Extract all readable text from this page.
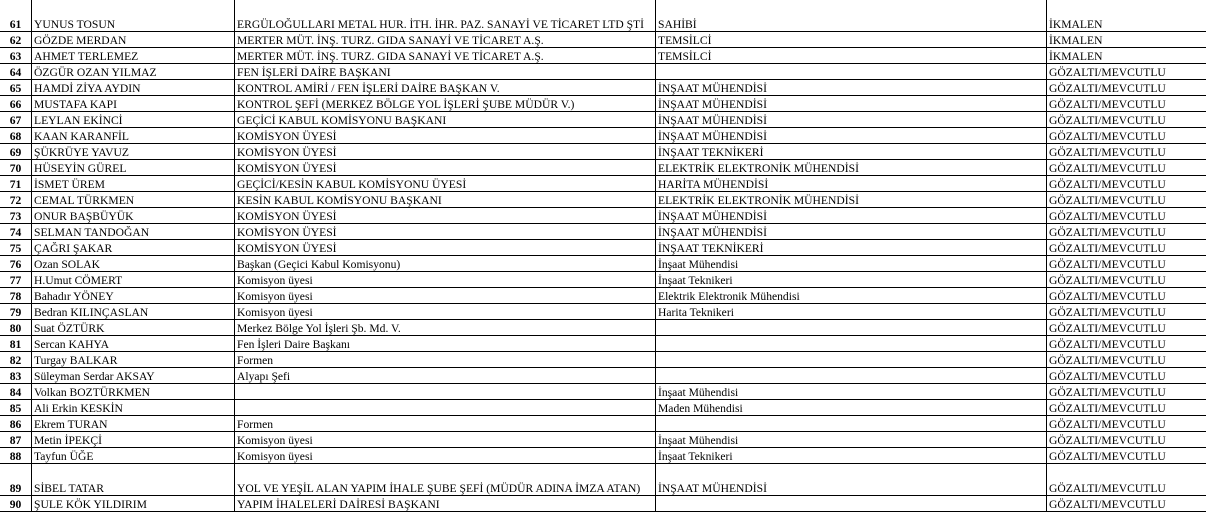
61	YUNUS TOSUN	ERGÜLOĞULLARI METAL HUR. İTH. İHR. PAZ. SANAYİ VE TİCARET LTD ŞTİ	SAHİBİ	İKMALEN
62	GÖZDE MERDAN	MERTER MÜT. İNŞ. TURZ. GIDA SANAYİ VE TİCARET A.Ş.	TEMSİLCİ	İKMALEN
63	AHMET TERLEMEZ	MERTER MÜT. İNŞ. TURZ. GIDA SANAYİ VE TİCARET A.Ş.	TEMSİLCİ	İKMALEN
64	ÖZGÜR OZAN YILMAZ	FEN İŞLERİ DAİRE BAŞKANI		GÖZALTI/MEVCUTLU
65	HAMDİ ZİYA AYDIN	KONTROL AMİRİ / FEN İŞLERİ DAİRE BAŞKAN V.	İNŞAAT MÜHENDİSİ	GÖZALTI/MEVCUTLU
66	MUSTAFA KAPI	KONTROL ŞEFİ (MERKEZ BÖLGE YOL İŞLERİ ŞUBE MÜDÜR V.)	İNŞAAT MÜHENDİSİ	GÖZALTI/MEVCUTLU
67	LEYLAN EKİNCİ	GEÇİCİ KABUL KOMİSYONU BAŞKANI	İNŞAAT MÜHENDİSİ	GÖZALTI/MEVCUTLU
68	KAAN KARANFİL	KOMİSYON ÜYESİ	İNŞAAT MÜHENDİSİ	GÖZALTI/MEVCUTLU
69	ŞÜKRÜYE YAVUZ	KOMİSYON ÜYESİ	İNŞAAT TEKNİKERİ	GÖZALTI/MEVCUTLU
70	HÜSEYİN GÜREL	KOMİSYON ÜYESİ	ELEKTRİK ELEKTRONİK MÜHENDİSİ	GÖZALTI/MEVCUTLU
71	İSMET ÜREM	GEÇİCİ/KESİN KABUL KOMİSYONU ÜYESİ	HARİTA MÜHENDİSİ	GÖZALTI/MEVCUTLU
72	CEMAL TÜRKMEN	KESİN KABUL KOMİSYONU BAŞKANI	ELEKTRİK ELEKTRONİK MÜHENDİSİ	GÖZALTI/MEVCUTLU
73	ONUR BAŞBÜYÜK	KOMİSYON ÜYESİ	İNŞAAT MÜHENDİSİ	GÖZALTI/MEVCUTLU
74	SELMAN TANDOĞAN	KOMİSYON ÜYESİ	İNŞAAT MÜHENDİSİ	GÖZALTI/MEVCUTLU
75	ÇAĞRI ŞAKAR	KOMİSYON ÜYESİ	İNŞAAT TEKNİKERİ	GÖZALTI/MEVCUTLU
76	Ozan SOLAK	Başkan (Geçici Kabul Komisyonu)	İnşaat Mühendisi	GÖZALTI/MEVCUTLU
77	H.Umut CÖMERT	Komisyon üyesi	İnşaat Teknikeri	GÖZALTI/MEVCUTLU
78	Bahadır YÖNEY	Komisyon üyesi	Elektrik Elektronik Mühendisi	GÖZALTI/MEVCUTLU
79	Bedran KILINÇASLAN	Komisyon üyesi	Harita Teknikeri	GÖZALTI/MEVCUTLU
80	Suat ÖZTÜRK	Merkez Bölge Yol İşleri Şb. Md. V.		GÖZALTI/MEVCUTLU
81	Sercan KAHYA	Fen İşleri Daire Başkanı		GÖZALTI/MEVCUTLU
82	Turgay BALKAR	Formen		GÖZALTI/MEVCUTLU
83	Süleyman Serdar AKSAY	Alyapı Şefi		GÖZALTI/MEVCUTLU
84	Volkan BOZTÜRKMEN		İnşaat Mühendisi	GÖZALTI/MEVCUTLU
85	Ali Erkin KESKİN		Maden Mühendisi	GÖZALTI/MEVCUTLU
86	Ekrem TURAN	Formen		GÖZALTI/MEVCUTLU
87	Metin İPEKÇİ	Komisyon üyesi	İnşaat Mühendisi	GÖZALTI/MEVCUTLU
88	Tayfun ÜĞE	Komisyon üyesi	İnşaat Teknikeri	GÖZALTI/MEVCUTLU
89	SİBEL TATAR	YOL VE YEŞİL ALAN YAPIM İHALE ŞUBE ŞEFİ (MÜDÜR ADINA İMZA ATAN)	İNŞAAT MÜHENDİSİ	GÖZALTI/MEVCUTLU
90	ŞULE KÖK YILDIRIM	YAPIM İHALELERİ DAİRESİ BAŞKANI		GÖZALTI/MEVCUTLU
